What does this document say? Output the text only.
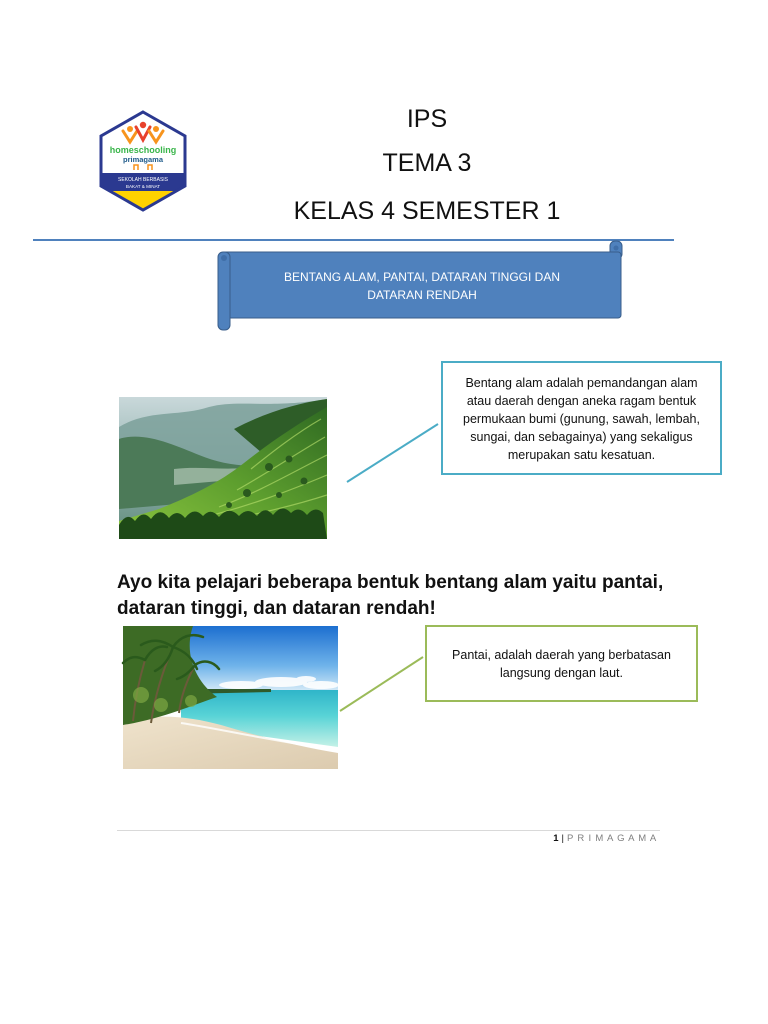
homeschooling
primagama
SEKOLAH BERBASIS
BAKAT & MINAT
IPS
TEMA 3
KELAS 4 SEMESTER 1
BENTANG ALAM, PANTAI, DATARAN TINGGI DAN
DATARAN RENDAH
Bentang alam adalah pemandangan alam
atau daerah dengan aneka ragam bentuk
permukaan bumi (gunung, sawah, lembah,
sungai, dan sebagainya) yang sekaligus
merupakan satu kesatuan.
Ayo kita pelajari beberapa bentuk bentang alam yaitu pantai,
dataran tinggi, dan dataran rendah!
Pantai, adalah daerah yang berbatasan
langsung dengan laut.
1 | P R I M A G A M A
